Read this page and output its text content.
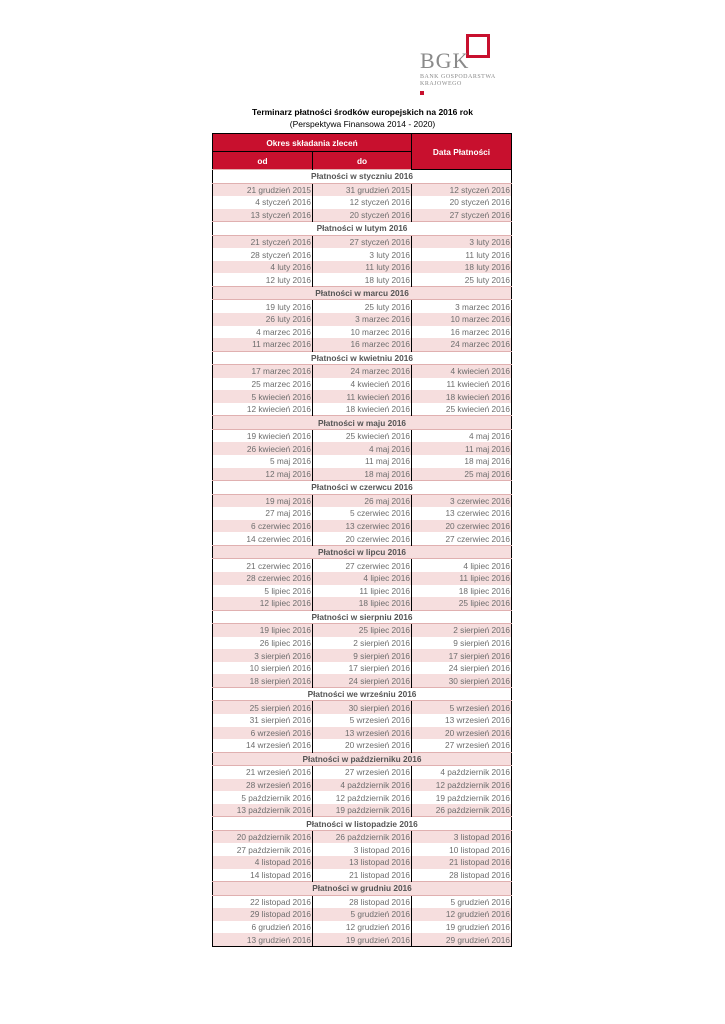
BGK
BANK GOSPODARSTWA
KRAJOWEGO
Terminarz płatności środków europejskich na 2016 rok
(Perspektywa Finansowa 2014 - 2020)
Okres składania zleceń		Data Płatności
od	do	
Płatności w styczniu 2016		
21 grudzień 2015	31 grudzień 2015	12 styczeń 2016
4 styczeń 2016	12 styczeń 2016	20 styczeń 2016
13 styczeń 2016	20 styczeń 2016	27 styczeń 2016
Płatności w lutym 2016		
21 styczeń 2016	27 styczeń 2016	3 luty 2016
28 styczeń 2016	3 luty 2016	11 luty 2016
4 luty 2016	11 luty 2016	18 luty 2016
12 luty 2016	18 luty 2016	25 luty 2016
Płatności w marcu 2016		
19 luty 2016	25 luty 2016	3 marzec 2016
26 luty 2016	3 marzec 2016	10 marzec 2016
4 marzec 2016	10 marzec 2016	16 marzec 2016
11 marzec 2016	16 marzec 2016	24 marzec 2016
Płatności w kwietniu 2016		
17 marzec 2016	24 marzec 2016	4 kwiecień 2016
25 marzec 2016	4 kwiecień 2016	11 kwiecień 2016
5 kwiecień 2016	11 kwiecień 2016	18 kwiecień 2016
12 kwiecień 2016	18 kwiecień 2016	25 kwiecień 2016
Płatności w maju 2016		
19 kwiecień 2016	25 kwiecień 2016	4 maj 2016
26 kwiecień 2016	4 maj 2016	11 maj 2016
5 maj 2016	11 maj 2016	18 maj 2016
12 maj 2016	18 maj 2016	25 maj 2016
Płatności w czerwcu 2016		
19 maj 2016	26 maj 2016	3 czerwiec 2016
27 maj 2016	5 czerwiec 2016	13 czerwiec 2016
6 czerwiec 2016	13 czerwiec 2016	20 czerwiec 2016
14 czerwiec 2016	20 czerwiec 2016	27 czerwiec 2016
Płatności w lipcu 2016		
21 czerwiec 2016	27 czerwiec 2016	4 lipiec 2016
28 czerwiec 2016	4 lipiec 2016	11 lipiec 2016
5 lipiec 2016	11 lipiec 2016	18 lipiec 2016
12 lipiec 2016	18 lipiec 2016	25 lipiec 2016
Płatności w sierpniu 2016		
19 lipiec 2016	25 lipiec 2016	2 sierpień 2016
26 lipiec 2016	2 sierpień 2016	9 sierpień 2016
3 sierpień 2016	9 sierpień 2016	17 sierpień 2016
10 sierpień 2016	17 sierpień 2016	24 sierpień 2016
18 sierpień 2016	24 sierpień 2016	30 sierpień 2016
Płatności we wrześniu 2016		
25 sierpień 2016	30 sierpień 2016	5 wrzesień 2016
31 sierpień 2016	5 wrzesień 2016	13 wrzesień 2016
6 wrzesień 2016	13 wrzesień 2016	20 wrzesień 2016
14 wrzesień 2016	20 wrzesień 2016	27 wrzesień 2016
Płatności w październiku 2016		
21 wrzesień 2016	27 wrzesień 2016	4 październik 2016
28 wrzesień 2016	4 październik 2016	12 październik 2016
5 październik 2016	12 październik 2016	19 październik 2016
13 październik 2016	19 październik 2016	26 październik 2016
Płatności w listopadzie 2016		
20 październik 2016	26 październik 2016	3 listopad 2016
27 październik 2016	3 listopad 2016	10 listopad 2016
4 listopad 2016	13 listopad 2016	21 listopad 2016
14 listopad 2016	21 listopad 2016	28 listopad 2016
Płatności w grudniu 2016		
22 listopad 2016	28 listopad 2016	5 grudzień 2016
29 listopad 2016	5 grudzień 2016	12 grudzień 2016
6 grudzień 2016	12 grudzień 2016	19 grudzień 2016
13 grudzień 2016	19 grudzień 2016	29 grudzień 2016
